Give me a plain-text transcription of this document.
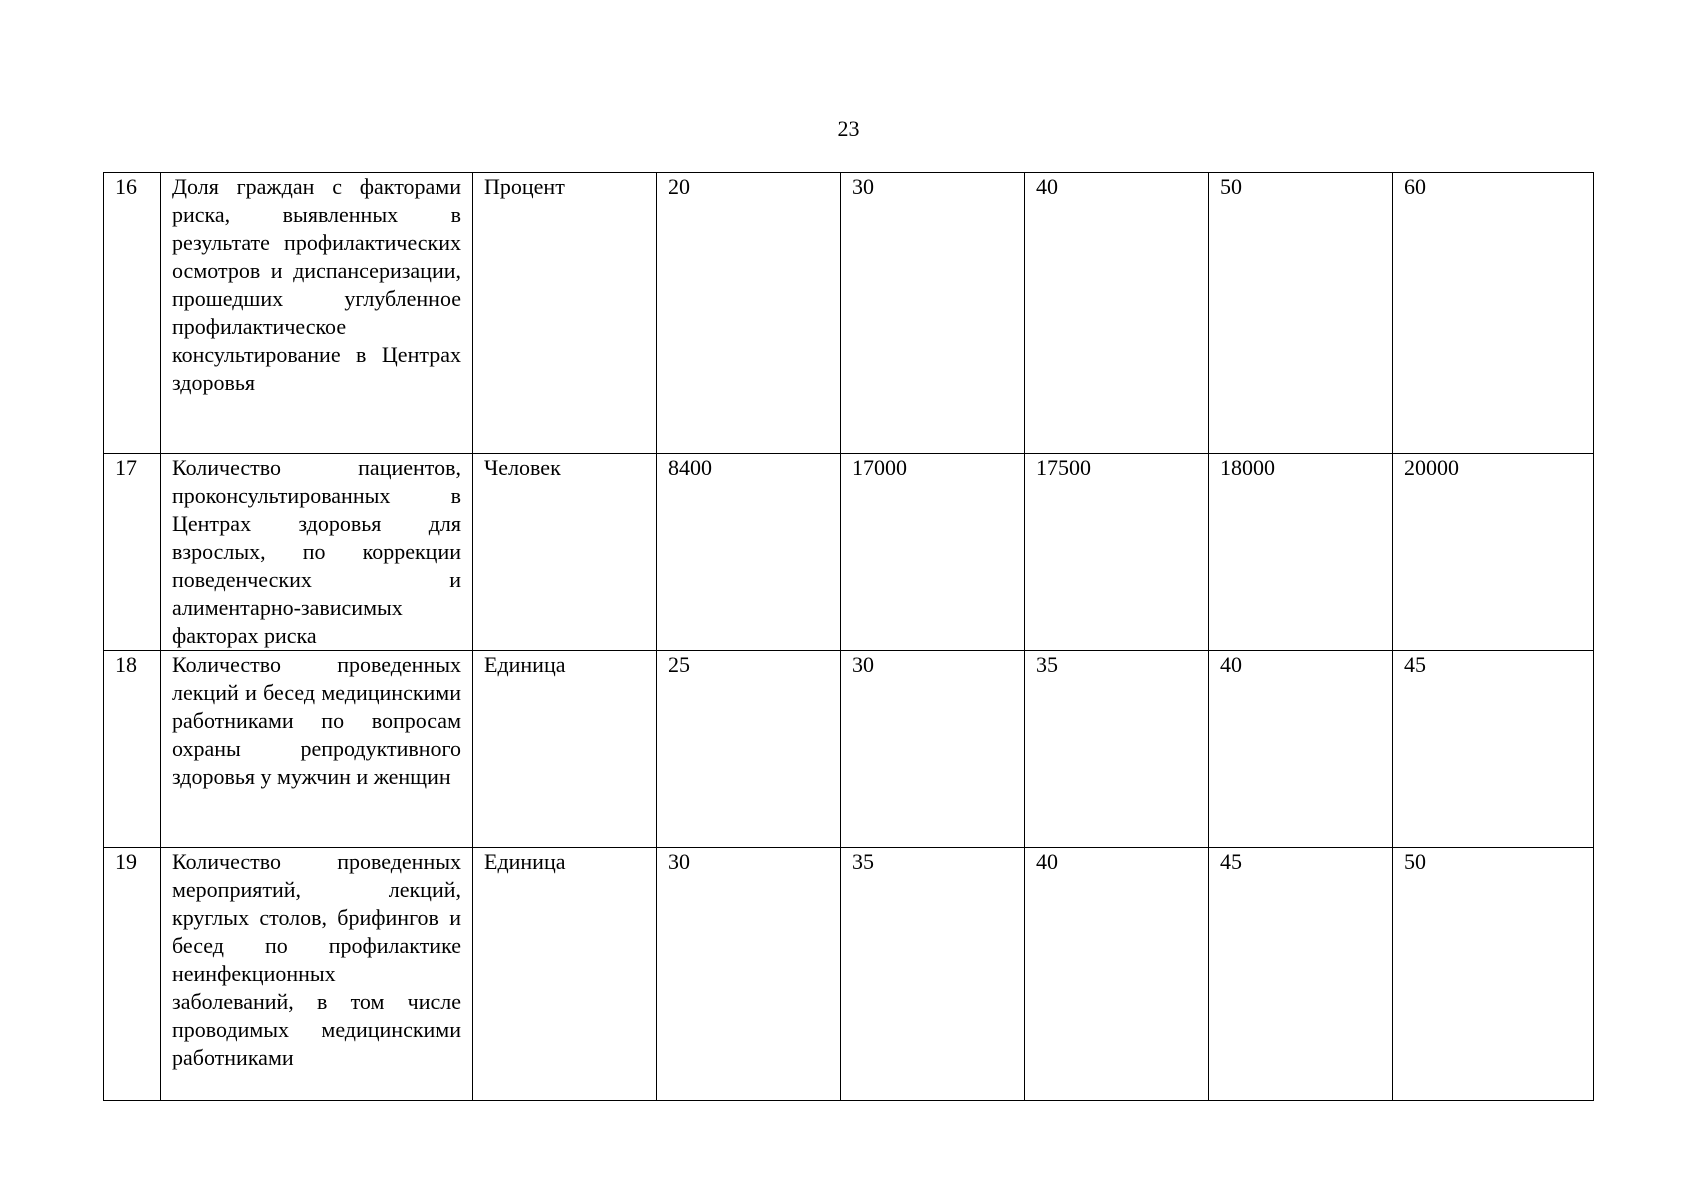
23
16	Доля граждан с факторами риска, выявленных в результате профилактических осмотров и диспансеризации, прошедших углубленное профилактическое консультирование в Центрах здоровья	Процент	20	30	40	50	60
17	Количество пациентов, проконсультированных в Центрах здоровья для взрослых, по коррекции поведенческих и алиментарно-зависимых факторах риска	Человек	8400	17000	17500	18000	20000
18	Количество проведенных лекций и бесед медицинскими работниками по вопросам охраны репродуктивного здоровья у мужчин и женщин	Единица	25	30	35	40	45
19	Количество проведенных мероприятий, лекций, круглых столов, брифингов и бесед по профилактике неинфекционных заболеваний, в том числе проводимых медицинскими работниками	Единица	30	35	40	45	50
